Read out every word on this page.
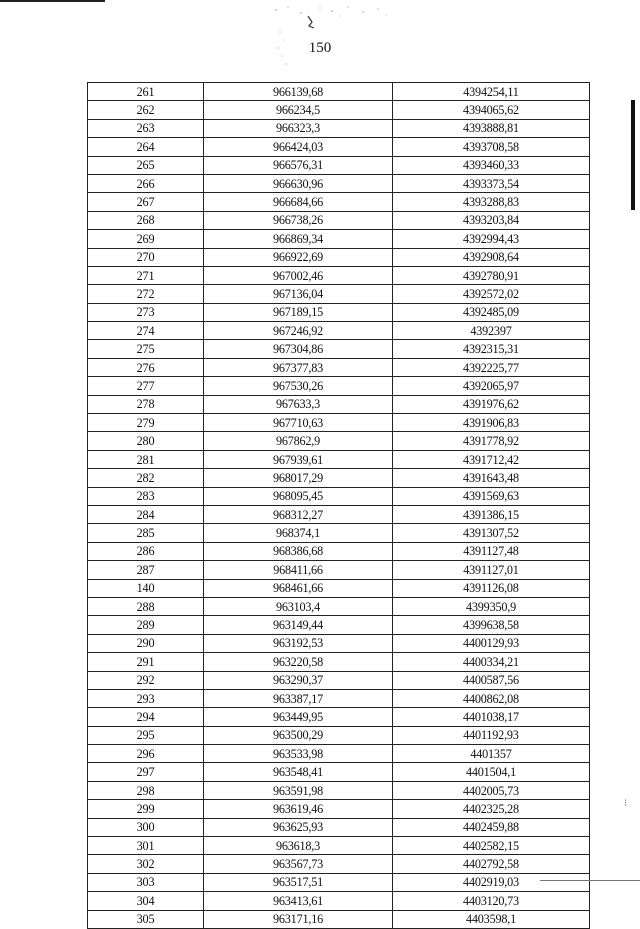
150
261	966139,68	4394254,11
262	966234,5	4394065,62
263	966323,3	4393888,81
264	966424,03	4393708,58
265	966576,31	4393460,33
266	966630,96	4393373,54
267	966684,66	4393288,83
268	966738,26	4393203,84
269	966869,34	4392994,43
270	966922,69	4392908,64
271	967002,46	4392780,91
272	967136,04	4392572,02
273	967189,15	4392485,09
274	967246,92	4392397
275	967304,86	4392315,31
276	967377,83	4392225,77
277	967530,26	4392065,97
278	967633,3	4391976,62
279	967710,63	4391906,83
280	967862,9	4391778,92
281	967939,61	4391712,42
282	968017,29	4391643,48
283	968095,45	4391569,63
284	968312,27	4391386,15
285	968374,1	4391307,52
286	968386,68	4391127,48
287	968411,66	4391127,01
140	968461,66	4391126,08
288	963103,4	4399350,9
289	963149,44	4399638,58
290	963192,53	4400129,93
291	963220,58	4400334,21
292	963290,37	4400587,56
293	963387,17	4400862,08
294	963449,95	4401038,17
295	963500,29	4401192,93
296	963533,98	4401357
297	963548,41	4401504,1
298	963591,98	4402005,73
299	963619,46	4402325,28
300	963625,93	4402459,88
301	963618,3	4402582,15
302	963567,73	4402792,58
303	963517,51	4402919,03
304	963413,61	4403120,73
305	963171,16	4403598,1
⁝
